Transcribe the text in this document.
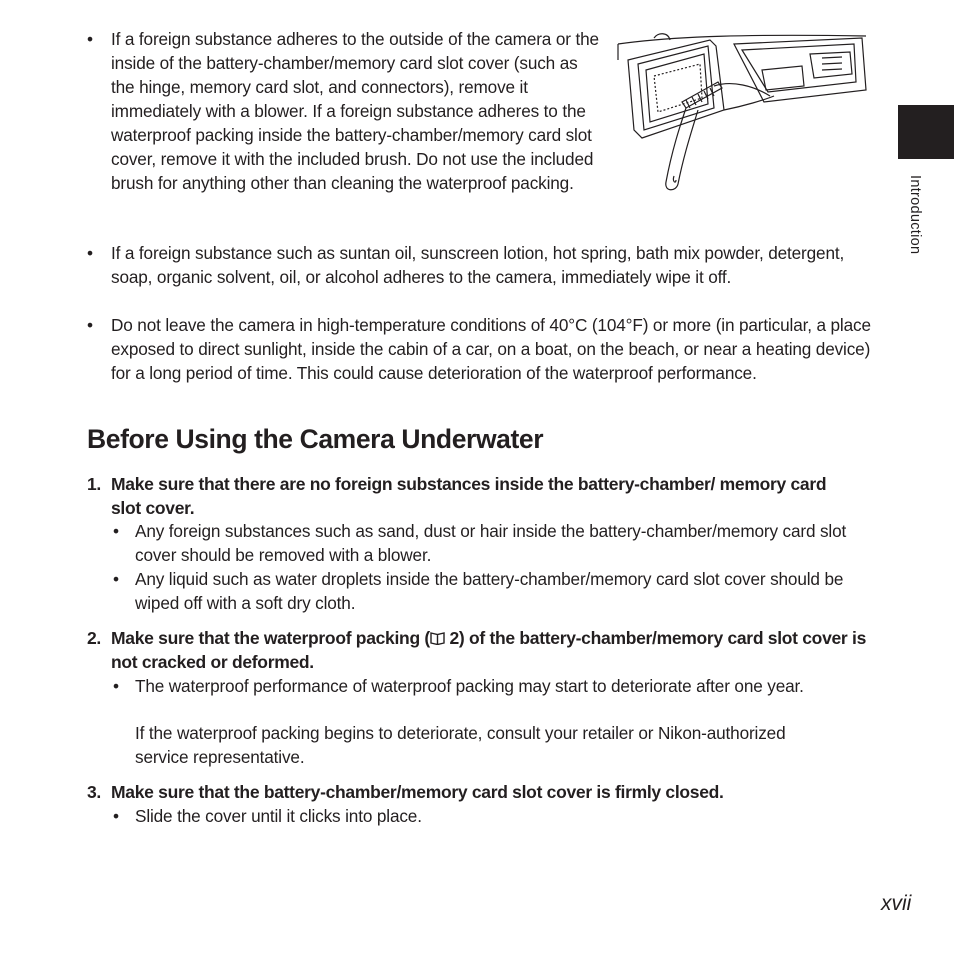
Introduction
• If a foreign substance adheres to the outside of the camera or the inside of the battery-chamber/memory card slot cover (such as the hinge, memory card slot, and connectors), remove it immediately with a blower. If a foreign substance adheres to the waterproof packing inside the battery-chamber/memory card slot cover, remove it with the included brush. Do not use the included brush for anything other than cleaning the waterproof packing.
• If a foreign substance such as suntan oil, sunscreen lotion, hot spring, bath mix powder, detergent, soap, organic solvent, oil, or alcohol adheres to the camera, immediately wipe it off.
• Do not leave the camera in high-temperature conditions of 40°C (104°F) or more (in particular, a place exposed to direct sunlight, inside the cabin of a car, on a boat, on the beach, or near a heating device) for a long period of time. This could cause deterioration of the waterproof performance.
Before Using the Camera Underwater
1. Make sure that there are no foreign substances inside the battery-chamber/ memory card slot cover.
• Any foreign substances such as sand, dust or hair inside the battery-chamber/memory card slot cover should be removed with a blower.
• Any liquid such as water droplets inside the battery-chamber/memory card slot cover should be wiped off with a soft dry cloth.
2. Make sure that the waterproof packing ( 2) of the battery-chamber/memory card slot cover is not cracked or deformed.
• The waterproof performance of waterproof packing may start to deteriorate after one year.
If the waterproof packing begins to deteriorate, consult your retailer or Nikon-authorized service representative.
3. Make sure that the battery-chamber/memory card slot cover is firmly closed.
• Slide the cover until it clicks into place.
xvii
